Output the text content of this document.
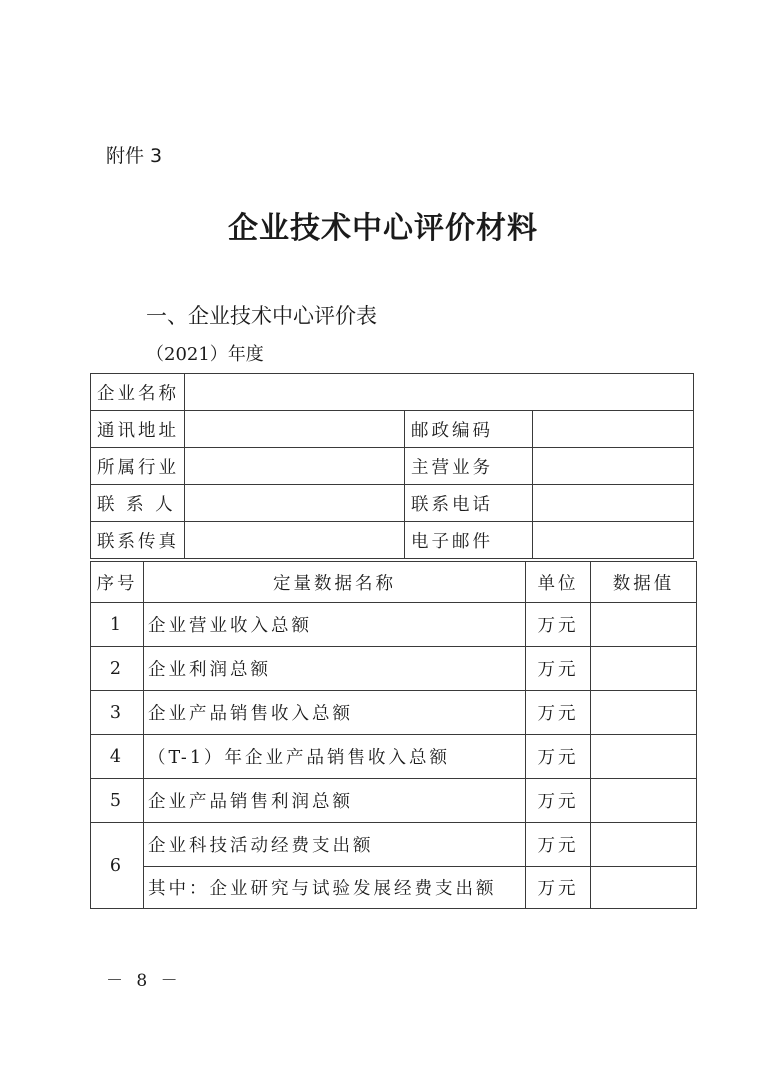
附件 3
企业技术中心评价材料
一、企业技术中心评价表
（2021）年度
企业名称			
通讯地址		邮政编码	
所属行业		主营业务	
联 系 人		联系电话	
联系传真		电子邮件	
序号	定量数据名称	单位	数据值
1	企业营业收入总额	万元	
2	企业利润总额	万元	
3	企业产品销售收入总额	万元	
4	（T-1）年企业产品销售收入总额	万元	
5	企业产品销售利润总额	万元	
6	企业科技活动经费支出额	万元	
	其中：企业研究与试验发展经费支出额	万元	
－ 8 －
